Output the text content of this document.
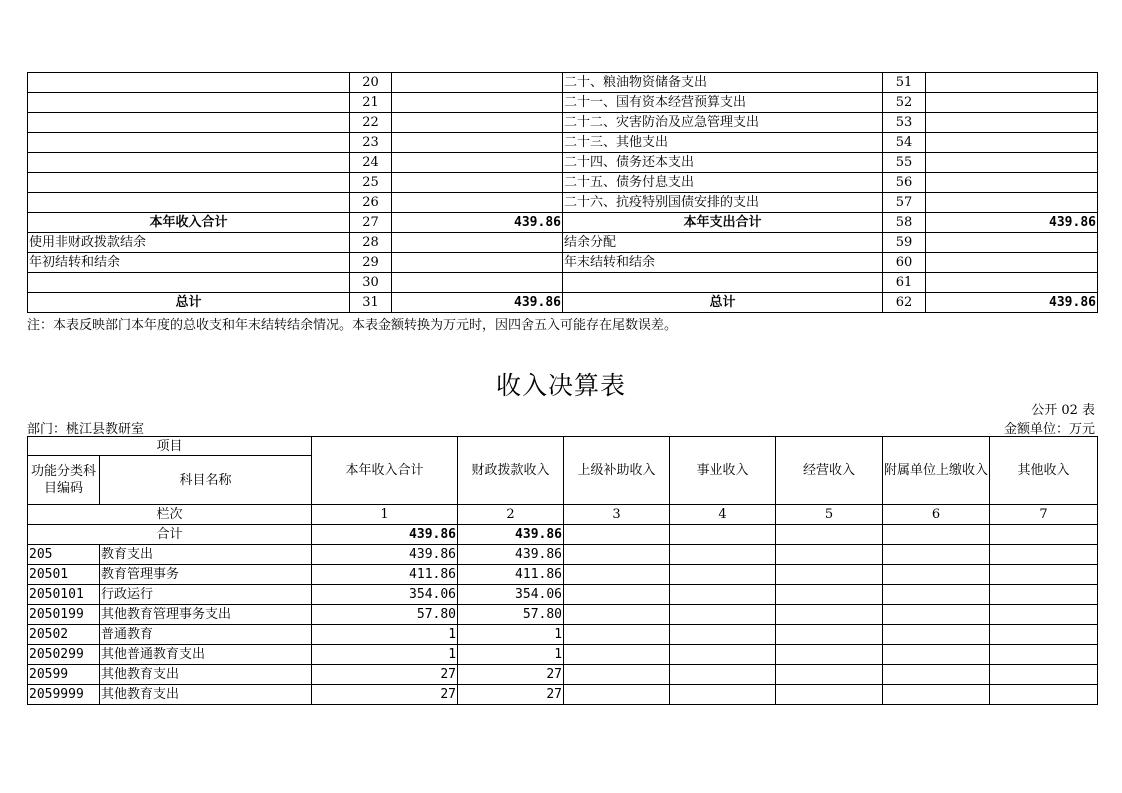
	20		二十、粮油物资储备支出	51	
	21		二十一、国有资本经营预算支出	52	
	22		二十二、灾害防治及应急管理支出	53	
	23		二十三、其他支出	54	
	24		二十四、债务还本支出	55	
	25		二十五、债务付息支出	56	
	26		二十六、抗疫特别国债安排的支出	57	
本年收入合计	27	439.86	本年支出合计	58	439.86
使用非财政拨款结余	28		结余分配	59	
年初结转和结余	29		年末结转和结余	60	
	30			61	
总计	31	439.86	总计	62	439.86
注：本表反映部门本年度的总收支和年末结转结余情况。本表金额转换为万元时，因四舍五入可能存在尾数误差。
收入决算表
公开 02 表
部门：桃江县教研室	金额单位：万元
项目		本年收入合计	财政拨款收入	上级补助收入	事业收入	经营收入	附属单位上缴收入	其他收入
功能分类科目编码	科目名称							
栏次		1	2	3	4	5	6	7
合计		439.86	439.86					
205	教育支出	439.86	439.86					
20501	教育管理事务	411.86	411.86					
2050101	行政运行	354.06	354.06					
2050199	其他教育管理事务支出	57.80	57.80					
20502	普通教育	1	1					
2050299	其他普通教育支出	1	1					
20599	其他教育支出	27	27					
2059999	其他教育支出	27	27					
